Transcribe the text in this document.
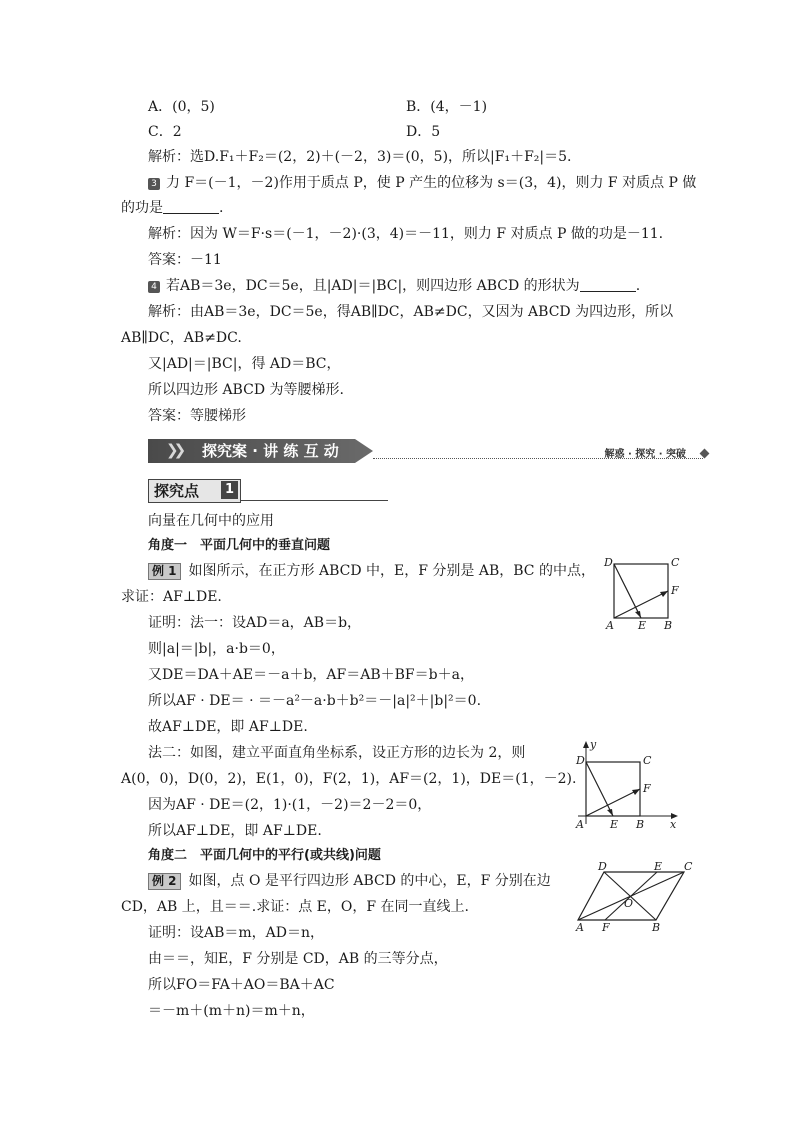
A．(0，5)	B．(4，－1)
C．2	D．5
解析：选D.F₁＋F₂＝(2，2)＋(－2，3)＝(0，5)，所以|F₁＋F₂|＝5.
3 力 F＝(－1，－2)作用于质点 P，使 P 产生的位移为 s＝(3，4)，则力 F 对质点 P 做
的功是	.
解析：因为 W＝F·s＝(－1，－2)·(3，4)＝－11，则力 F 对质点 P 做的功是－11.
答案：－11
4 若AB＝3e，DC＝5e，且|AD|＝|BC|，则四边形 ABCD 的形状为	.
解析：由AB＝3e，DC＝5e，得AB∥DC，AB≠DC，又因为 ABCD 为四边形，所以
AB∥DC，AB≠DC.
又|AD|＝|BC|，得 AD＝BC，
所以四边形 ABCD 为等腰梯形.
答案：等腰梯形
❯❯ 探究案 · 讲 练 互 动	解惑 · 探究 · 突破
探究点	1
向量在几何中的应用
角度一　平面几何中的垂直问题
例 1 如图所示，在正方形 ABCD 中，E，F 分别是 AB，BC 的中点，
求证：AF⊥DE.
证明：法一：设AD＝a，AB＝b，
则|a|＝|b|，a·b＝0，
又DE＝DA＋AE＝－a＋b，AF＝AB＋BF＝b＋a，
所以AF · DE＝ · ＝－a²－a·b＋b²＝－|a|²＋|b|²＝0.
故AF⊥DE，即 AF⊥DE.
法二：如图，建立平面直角坐标系，设正方形的边长为 2，则
A(0，0)，D(0，2)，E(1，0)，F(2，1)，AF＝(2，1)，DE＝(1，－2).
因为AF · DE＝(2，1)·(1，－2)＝2－2＝0，
所以AF⊥DE，即 AF⊥DE.
角度二　平面几何中的平行(或共线)问题
例 2 如图，点 O 是平行四边形 ABCD 的中心，E，F 分别在边
CD，AB 上，且＝＝.求证：点 E，O，F 在同一直线上.
证明：设AB＝m，AD＝n，
由＝＝，知E，F 分别是 CD，AB 的三等分点，
所以FO＝FA＋AO＝BA＋AC
＝－m＋(m＋n)＝m＋n，
D	C
F
A E B
y
D	C
F
A E B x
D	E C
O
A F	B
